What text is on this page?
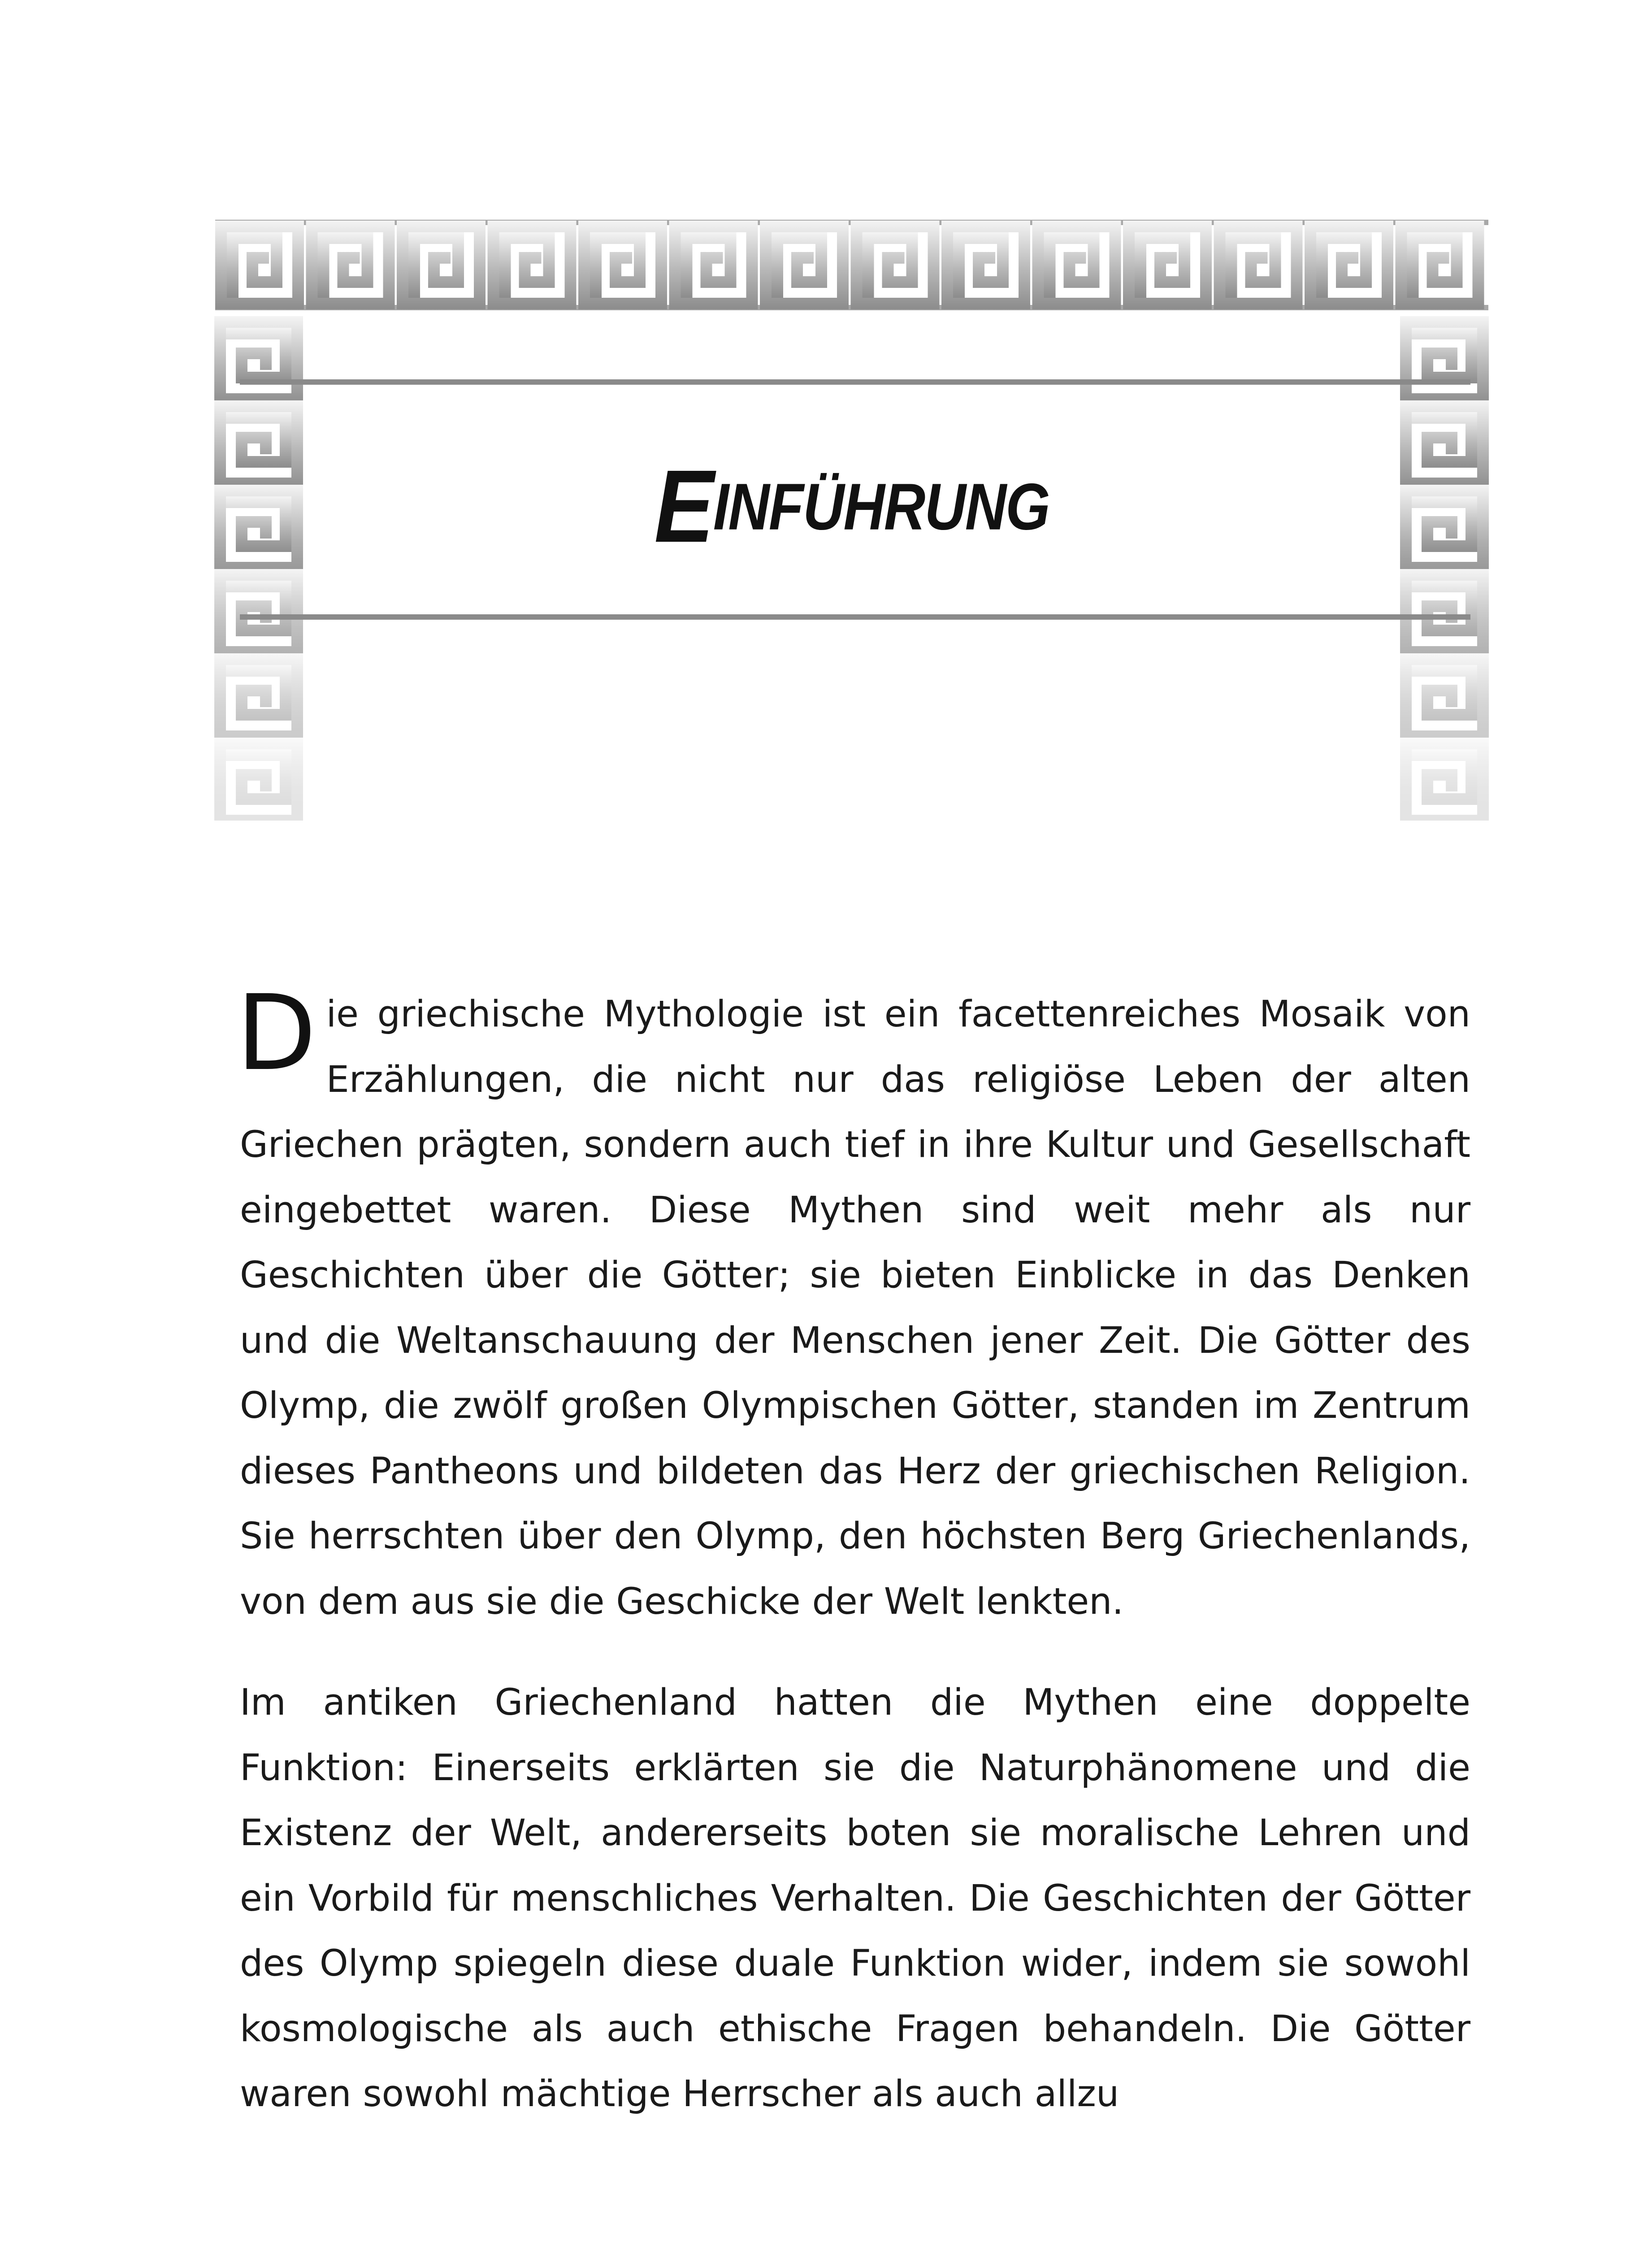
E INFÜHRUNG

Die griechische Mythologie ist ein facettenreiches Mosaik von Erzählungen, die nicht nur das religiöse Leben der alten Griechen prägten, sondern auch tief in ihre Kultur und Gesellschaft eingebettet waren. Diese Mythen sind weit mehr als nur Geschichten über die Götter; sie bieten Einblicke in das Denken und die Weltanschauung der Menschen jener Zeit. Die Götter des Olymp, die zwölf großen Olympischen Götter, standen im Zentrum dieses Pantheons und bildeten das Herz der griechischen Religion. Sie herrschten über den Olymp, den höchsten Berg Griechenlands, von dem aus sie die Geschicke der Welt lenkten.

Im antiken Griechenland hatten die Mythen eine doppelte Funktion: Einerseits erklärten sie die Naturphänomene und die Existenz der Welt, andererseits boten sie moralische Lehren und ein Vorbild für menschliches Verhalten. Die Geschichten der Götter des Olymp spiegeln diese duale Funktion wider, indem sie sowohl kosmologische als auch ethische Fragen behandeln. Die Götter waren sowohl mächtige Herrscher als auch allzu
